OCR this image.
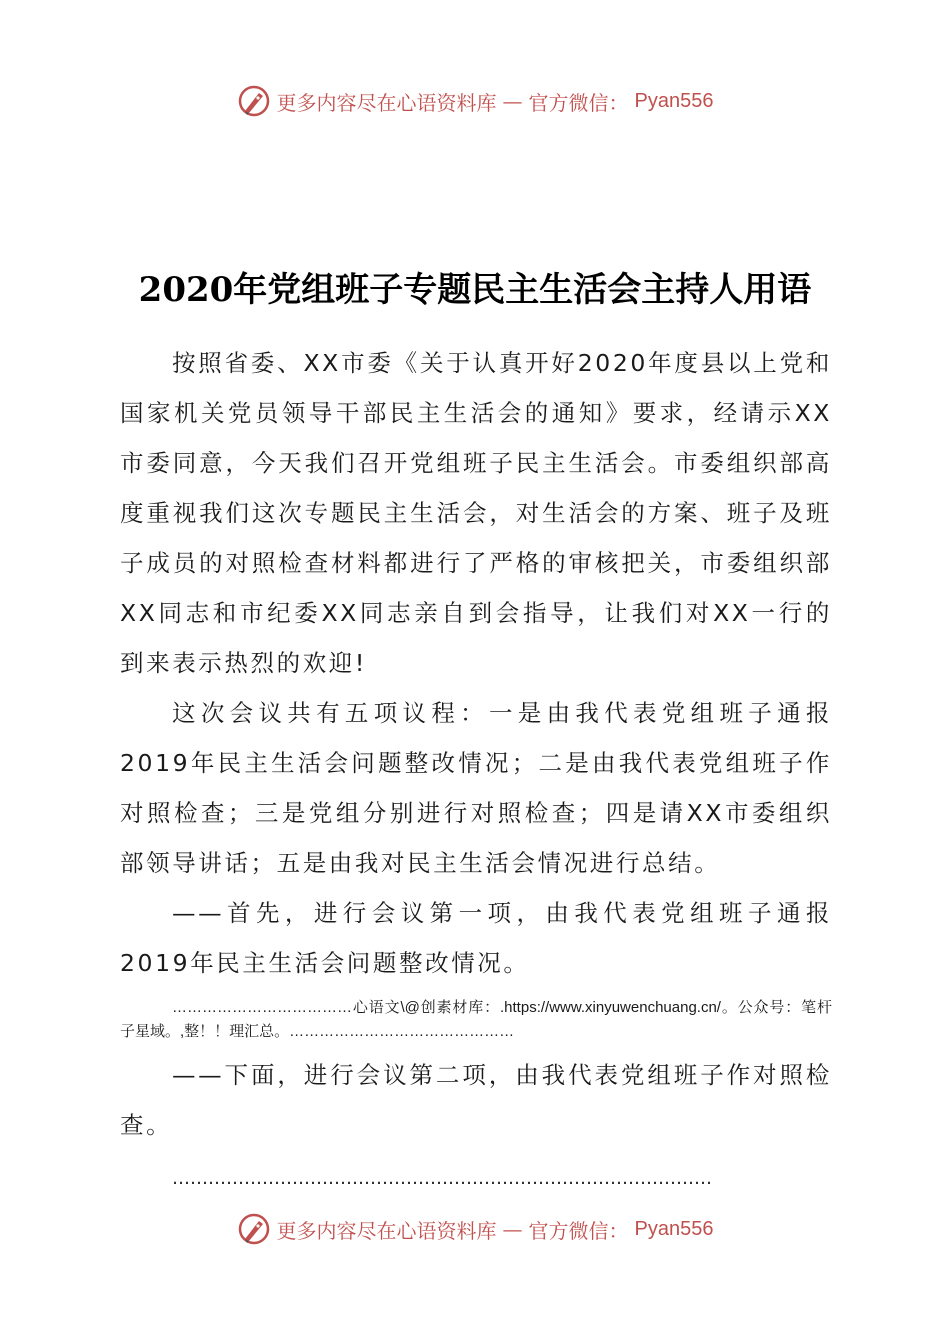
更多内容尽在心语资料库 — 官方微信： Pyan556
2020年党组班子专题民主生活会主持人用语

按照省委、XX市委《关于认真开好2020年度县以上党和国家机关党员领导干部民主生活会的通知》要求，经请示XX市委同意，今天我们召开党组班子民主生活会。市委组织部高度重视我们这次专题民主生活会，对生活会的方案、班子及班子成员的对照检查材料都进行了严格的审核把关，市委组织部XX同志和市纪委XX同志亲自到会指导，让我们对XX一行的到来表示热烈的欢迎!

这次会议共有五项议程：一是由我代表党组班子通报2019年民主生活会问题整改情况；二是由我代表党组班子作对照检查；三是党组分别进行对照检查；四是请XX市委组织部领导讲话；五是由我对民主生活会情况进行总结。

——首先，进行会议第一项，由我代表党组班子通报2019年民主生活会问题整改情况。

………………………………心语文\@创素材库：.https://www.xinyuwenchuang.cn/。公众号：笔杆子星域。,整！！理汇总。………………………………………

——下面，进行会议第二项，由我代表党组班子作对照检查。

………………………………………………………………………………
更多内容尽在心语资料库 — 官方微信： Pyan556
